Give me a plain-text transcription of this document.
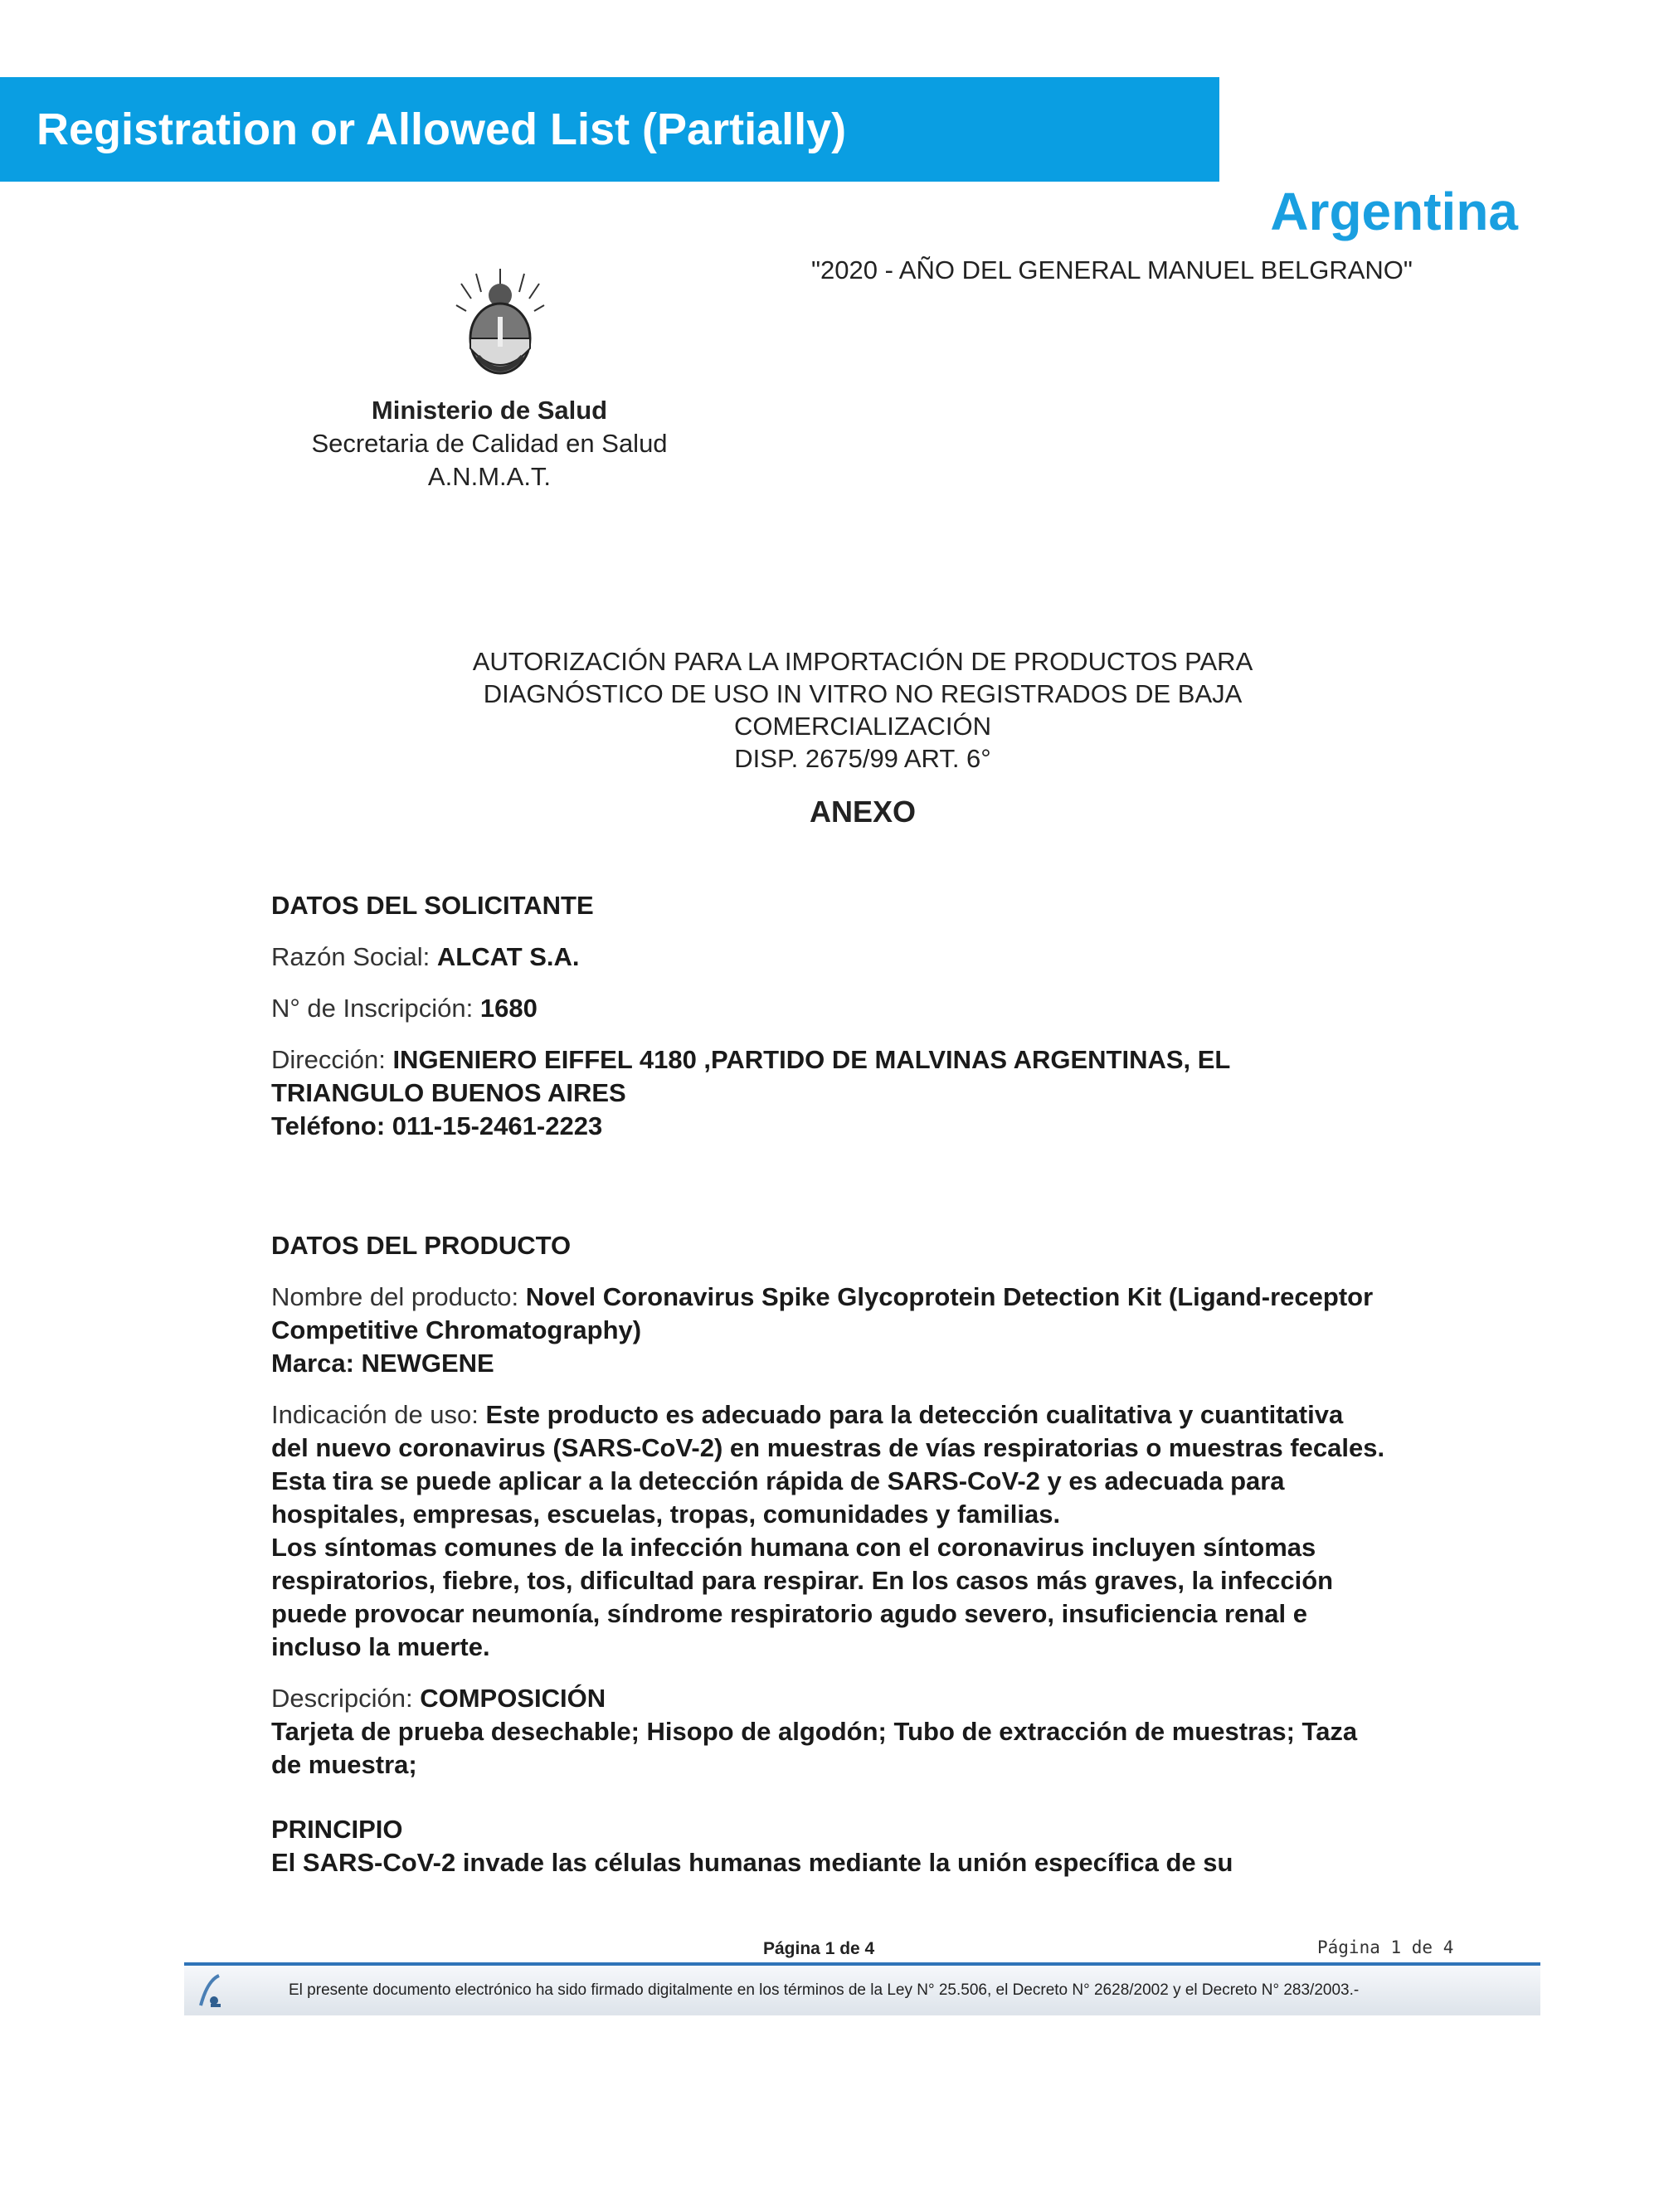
Registration or Allowed List (Partially)
Argentina
"2020 - AÑO DEL GENERAL MANUEL BELGRANO"
Ministerio de Salud
Secretaria de Calidad en Salud
A.N.M.A.T.
AUTORIZACIÓN PARA LA IMPORTACIÓN DE PRODUCTOS PARA
DIAGNÓSTICO DE USO IN VITRO NO REGISTRADOS DE BAJA
COMERCIALIZACIÓN
DISP. 2675/99 ART. 6°
ANEXO

DATOS DEL SOLICITANTE

Razón Social: ALCAT S.A.

N° de Inscripción: 1680

Dirección: INGENIERO EIFFEL 4180 ,PARTIDO DE MALVINAS ARGENTINAS, EL

TRIANGULO BUENOS AIRES

Teléfono: 011-15-2461-2223

DATOS DEL PRODUCTO

Nombre del producto: Novel Coronavirus Spike Glycoprotein Detection Kit (Ligand-receptor

Competitive Chromatography)

Marca: NEWGENE

Indicación de uso: Este producto es adecuado para la detección cualitativa y cuantitativa

del nuevo coronavirus (SARS-CoV-2) en muestras de vías respiratorias o muestras fecales.

Esta tira se puede aplicar a la detección rápida de SARS-CoV-2 y es adecuada para

hospitales, empresas, escuelas, tropas, comunidades y familias.

Los síntomas comunes de la infección humana con el coronavirus incluyen síntomas

respiratorios, fiebre, tos, dificultad para respirar. En los casos más graves, la infección

puede provocar neumonía, síndrome respiratorio agudo severo, insuficiencia renal e

incluso la muerte.

Descripción: COMPOSICIÓN

Tarjeta de prueba desechable; Hisopo de algodón; Tubo de extracción de muestras; Taza

de muestra;

PRINCIPIO

El SARS-CoV-2 invade las células humanas mediante la unión específica de su

Página 1 de 4	Página 1 de 4
El presente documento electrónico ha sido firmado digitalmente en los términos de la Ley N° 25.506, el Decreto N° 2628/2002 y el Decreto N° 283/2003.-
